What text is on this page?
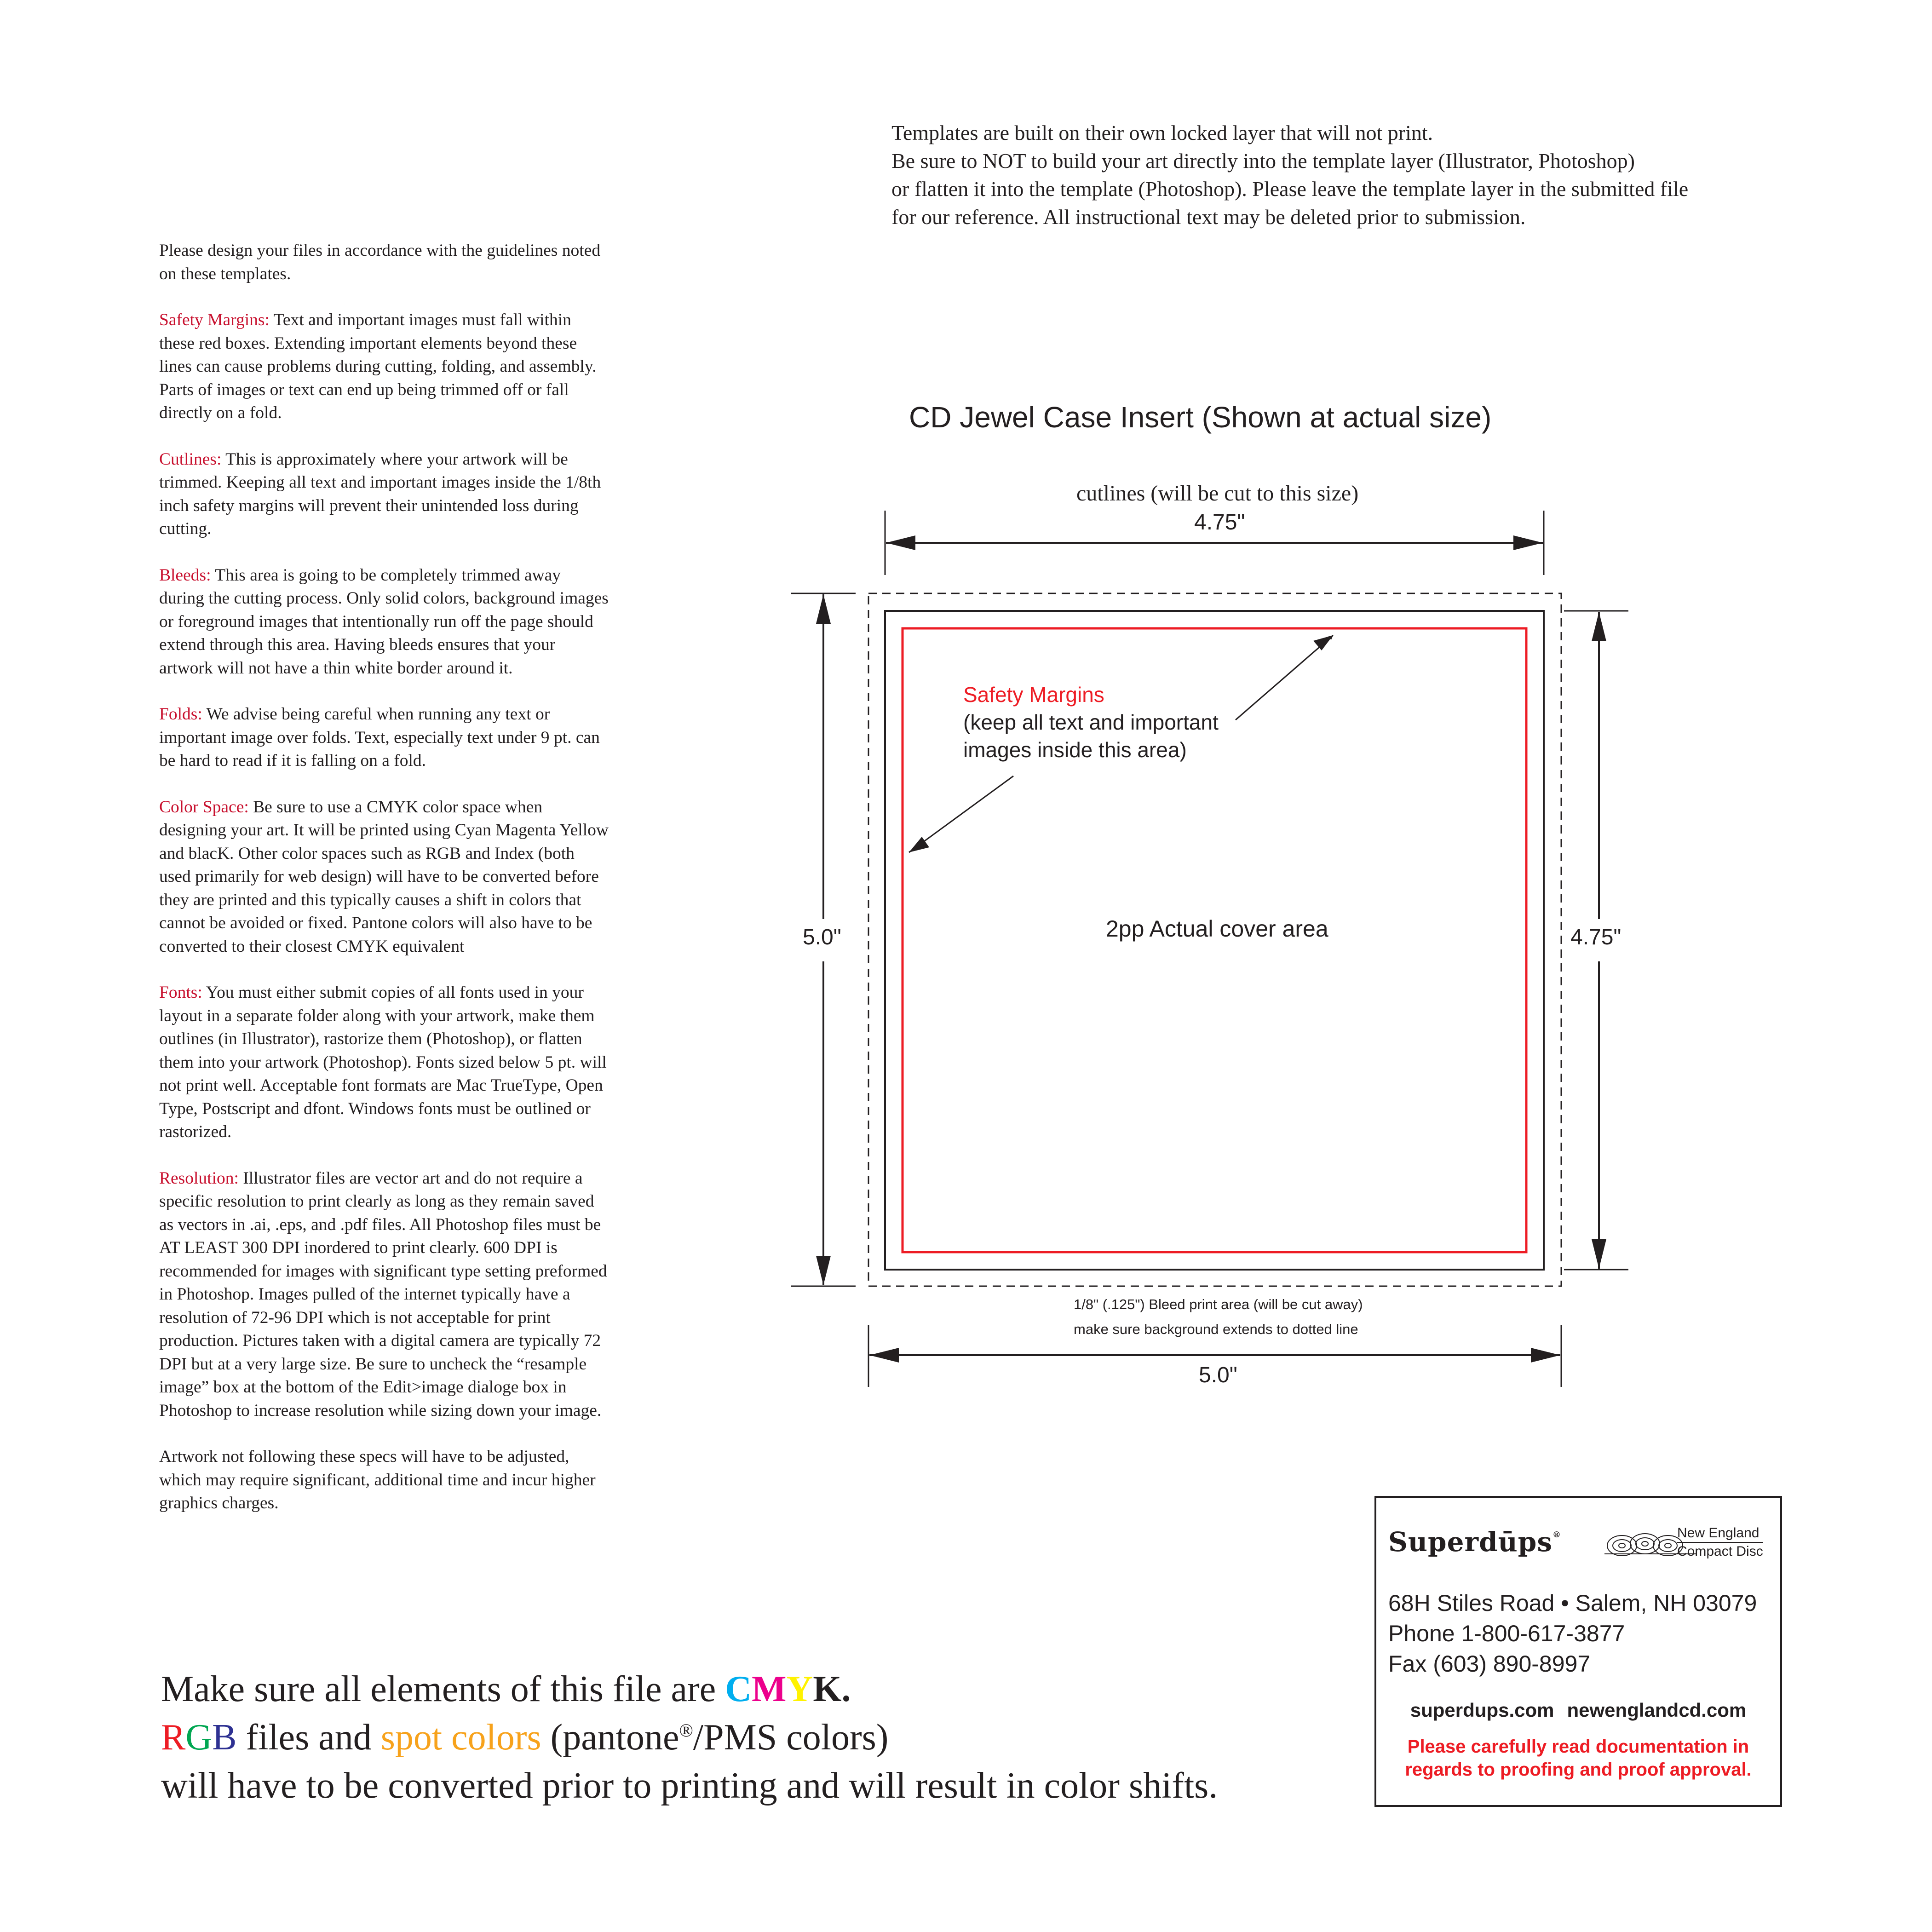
Templates are built on their own locked layer that will not print.
Be sure to NOT to build your art directly into the template layer (Illustrator, Photoshop)
or flatten it into the template (Photoshop). Please leave the template layer in the submitted file
for our reference. All instructional text may be deleted prior to submission.

Please design your files in accordance with the guidelines noted on these templates.

Safety Margins: Text and important images must fall within these red boxes. Extending important elements beyond these lines can cause problems during cutting, folding, and assembly. Parts of images or text can end up being trimmed off or fall directly on a fold.

Cutlines: This is approximately where your artwork will be trimmed. Keeping all text and important images inside the 1/8th inch safety margins will prevent their unintended loss during cutting.

Bleeds: This area is going to be completely trimmed away during the cutting process. Only solid colors, background images or foreground images that intentionally run off the page should extend through this area. Having bleeds ensures that your artwork will not have a thin white border around it.

Folds: We advise being careful when running any text or important image over folds. Text, especially text under 9 pt. can be hard to read if it is falling on a fold.

Color Space: Be sure to use a CMYK color space when designing your art. It will be printed using Cyan Magenta Yellow and blacK. Other color spaces such as RGB and Index (both used primarily for web design) will have to be converted before they are printed and this typically causes a shift in colors that cannot be avoided or fixed. Pantone colors will also have to be converted to their closest CMYK equivalent

Fonts: You must either submit copies of all fonts used in your layout in a separate folder along with your artwork, make them outlines (in Illustrator), rastorize them (Photoshop), or flatten them into your artwork (Photoshop). Fonts sized below 5 pt. will not print well. Acceptable font formats are Mac TrueType, Open Type, Postscript and dfont. Windows fonts must be outlined or rastorized.

Resolution: Illustrator files are vector art and do not require a specific resolution to print clearly as long as they remain saved as vectors in .ai, .eps, and .pdf files. All Photoshop files must be AT LEAST 300 DPI inordered to print clearly. 600 DPI is recommended for images with significant type setting preformed in Photoshop. Images pulled of the internet typically have a resolution of 72-96 DPI which is not acceptable for print production. Pictures taken with a digital camera are typically 72 DPI but at a very large size. Be sure to uncheck the “resample image” box at the bottom of the Edit>image dialoge box in Photoshop to increase resolution while sizing down your image.

Artwork not following these specs will have to be adjusted, which may require significant, additional time and incur higher graphics charges.

CD Jewel Case Insert (Shown at actual size)
cutlines (will be cut to this size)
4.75"
5.0"	4.75"
5.0"
Safety Margins
(keep all text and important
images inside this area)
2pp Actual cover area
1/8" (.125") Bleed print area (will be cut away)
make sure background extends to dotted line
Make sure all elements of this file are CMYK.
RGB files and spot colors (pantone®/PMS colors)
will have to be converted prior to printing and will result in color shifts.
Superdūps®	New England
Compact Disc
68H Stiles Road • Salem, NH 03079
Phone 1-800-617-3877
Fax (603) 890-8997
superdups.com newenglandcd.com
Please carefully read documentation in
regards to proofing and proof approval.
